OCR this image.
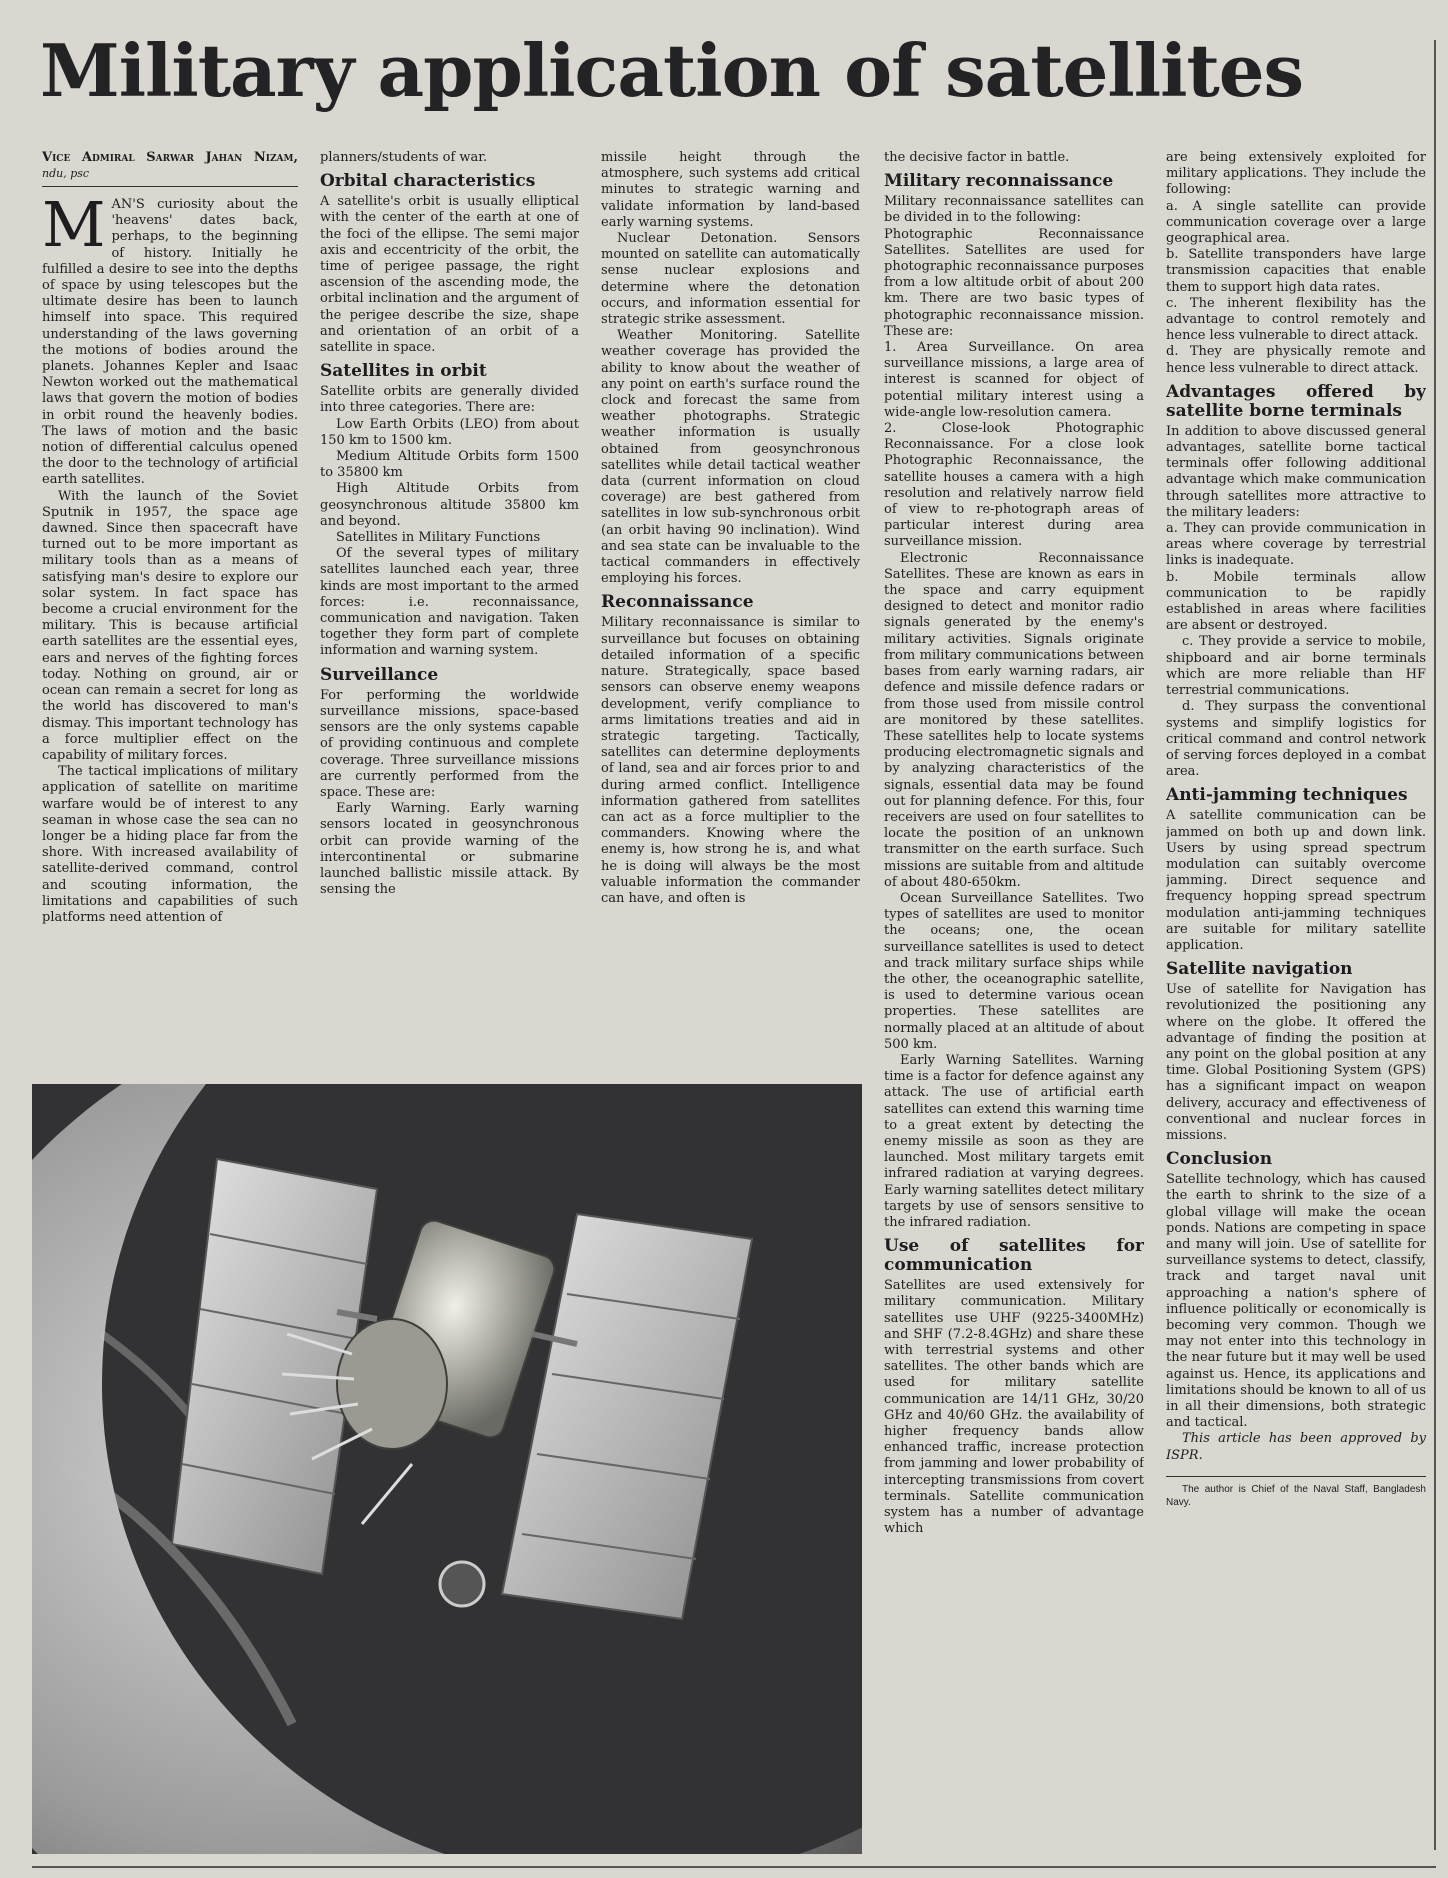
Military application of satellites
Vice Admiral Sarwar Jahan Nizam, ndu, psc

MAN'S curiosity about the 'heavens' dates back, perhaps, to the beginning of history. Initially he fulfilled a desire to see into the depths of space by using telescopes but the ultimate desire has been to launch himself into space. This required understanding of the laws governing the motions of bodies around the planets. Johannes Kepler and Isaac Newton worked out the mathematical laws that govern the motion of bodies in orbit round the heavenly bodies. The laws of motion and the basic notion of differential calculus opened the door to the technology of artificial earth satellites.

With the launch of the Soviet Sputnik in 1957, the space age dawned. Since then spacecraft have turned out to be more important as military tools than as a means of satisfying man's desire to explore our solar system. In fact space has become a crucial environment for the military. This is because artificial earth satellites are the essential eyes, ears and nerves of the fighting forces today. Nothing on ground, air or ocean can remain a secret for long as the world has discovered to man's dismay. This important technology has a force multiplier effect on the capability of military forces.

The tactical implications of military application of satellite on maritime warfare would be of interest to any seaman in whose case the sea can no longer be a hiding place far from the shore. With increased availability of satellite-derived command, control and scouting information, the limitations and capabilities of such platforms need attention of

planners/students of war.

Orbital characteristics

A satellite's orbit is usually elliptical with the center of the earth at one of the foci of the ellipse. The semi major axis and eccentricity of the orbit, the time of perigee passage, the right ascension of the ascending mode, the orbital inclination and the argument of the perigee describe the size, shape and orientation of an orbit of a satellite in space.

Satellites in orbit

Satellite orbits are generally divided into three categories. There are:

Low Earth Orbits (LEO) from about 150 km to 1500 km.

Medium Altitude Orbits form 1500 to 35800 km

High Altitude Orbits from geosynchronous altitude 35800 km and beyond.

Satellites in Military Functions

Of the several types of military satellites launched each year, three kinds are most important to the armed forces: i.e. reconnaissance, communication and navigation. Taken together they form part of complete information and warning system.

Surveillance

For performing the worldwide surveillance missions, space-based sensors are the only systems capable of providing continuous and complete coverage. Three surveillance missions are currently performed from the space. These are:

Early Warning. Early warning sensors located in geosynchronous orbit can provide warning of the intercontinental or submarine launched ballistic missile attack. By sensing the

missile height through the atmosphere, such systems add critical minutes to strategic warning and validate information by land-based early warning systems.

Nuclear Detonation. Sensors mounted on satellite can automatically sense nuclear explosions and determine where the detonation occurs, and information essential for strategic strike assessment.

Weather Monitoring. Satellite weather coverage has provided the ability to know about the weather of any point on earth's surface round the clock and forecast the same from weather photographs. Strategic weather information is usually obtained from geosynchronous satellites while detail tactical weather data (current information on cloud coverage) are best gathered from satellites in low sub-synchronous orbit (an orbit having 90 inclination). Wind and sea state can be invaluable to the tactical commanders in effectively employing his forces.

Reconnaissance

Military reconnaissance is similar to surveillance but focuses on obtaining detailed information of a specific nature. Strategically, space based sensors can observe enemy weapons development, verify compliance to arms limitations treaties and aid in strategic targeting. Tactically, satellites can determine deployments of land, sea and air forces prior to and during armed conflict. Intelligence information gathered from satellites can act as a force multiplier to the commanders. Knowing where the enemy is, how strong he is, and what he is doing will always be the most valuable information the commander can have, and often is

the decisive factor in battle.

Military reconnaissance

Military reconnaissance satellites can be divided in to the following:

Photographic Reconnaissance Satellites. Satellites are used for photographic reconnaissance purposes from a low altitude orbit of about 200 km. There are two basic types of photographic reconnaissance mission. These are:

1. Area Surveillance. On area surveillance missions, a large area of interest is scanned for object of potential military interest using a wide-angle low-resolution camera.

2. Close-look Photographic Reconnaissance. For a close look Photographic Reconnaissance, the satellite houses a camera with a high resolution and relatively narrow field of view to re-photograph areas of particular interest during area surveillance mission.

Electronic Reconnaissance Satellites. These are known as ears in the space and carry equipment designed to detect and monitor radio signals generated by the enemy's military activities. Signals originate from military communications between bases from early warning radars, air defence and missile defence radars or from those used from missile control are monitored by these satellites. These satellites help to locate systems producing electromagnetic signals and by analyzing characteristics of the signals, essential data may be found out for planning defence. For this, four receivers are used on four satellites to locate the position of an unknown transmitter on the earth surface. Such missions are suitable from and altitude of about 480-650km.

Ocean Surveillance Satellites. Two types of satellites are used to monitor the oceans; one, the ocean surveillance satellites is used to detect and track military surface ships while the other, the oceanographic satellite, is used to determine various ocean properties. These satellites are normally placed at an altitude of about 500 km.

Early Warning Satellites. Warning time is a factor for defence against any attack. The use of artificial earth satellites can extend this warning time to a great extent by detecting the enemy missile as soon as they are launched. Most military targets emit infrared radiation at varying degrees. Early warning satellites detect military targets by use of sensors sensitive to the infrared radiation.

Use of satellites for communication

Satellites are used extensively for military communication. Military satellites use UHF (9225-3400MHz) and SHF (7.2-8.4GHz) and share these with terrestrial systems and other satellites. The other bands which are used for military satellite communication are 14/11 GHz, 30/20 GHz and 40/60 GHz. the availability of higher frequency bands allow enhanced traffic, increase protection from jamming and lower probability of intercepting transmissions from covert terminals. Satellite communication system has a number of advantage which

are being extensively exploited for military applications. They include the following:

a. A single satellite can provide communication coverage over a large geographical area.

b. Satellite transponders have large transmission capacities that enable them to support high data rates.

c. The inherent flexibility has the advantage to control remotely and hence less vulnerable to direct attack.

d. They are physically remote and hence less vulnerable to direct attack.

Advantages offered by satellite borne terminals

In addition to above discussed general advantages, satellite borne tactical terminals offer following additional advantage which make communication through satellites more attractive to the military leaders:

a. They can provide communication in areas where coverage by terrestrial links is inadequate.

b. Mobile terminals allow communication to be rapidly established in areas where facilities are absent or destroyed.

c. They provide a service to mobile, shipboard and air borne terminals which are more reliable than HF terrestrial communications.

d. They surpass the conventional systems and simplify logistics for critical command and control network of serving forces deployed in a combat area.

Anti-jamming techniques

A satellite communication can be jammed on both up and down link. Users by using spread spectrum modulation can suitably overcome jamming. Direct sequence and frequency hopping spread spectrum modulation anti-jamming techniques are suitable for military satellite application.

Satellite navigation

Use of satellite for Navigation has revolutionized the positioning any where on the globe. It offered the advantage of finding the position at any point on the global position at any time. Global Positioning System (GPS) has a significant impact on weapon delivery, accuracy and effectiveness of conventional and nuclear forces in missions.

Conclusion

Satellite technology, which has caused the earth to shrink to the size of a global village will make the ocean ponds. Nations are competing in space and many will join. Use of satellite for surveillance systems to detect, classify, track and target naval unit approaching a nation's sphere of influence politically or economically is becoming very common. Though we may not enter into this technology in the near future but it may well be used against us. Hence, its applications and limitations should be known to all of us in all their dimensions, both strategic and tactical.

This article has been approved by ISPR.

The author is Chief of the Naval Staff, Bangladesh Navy.
